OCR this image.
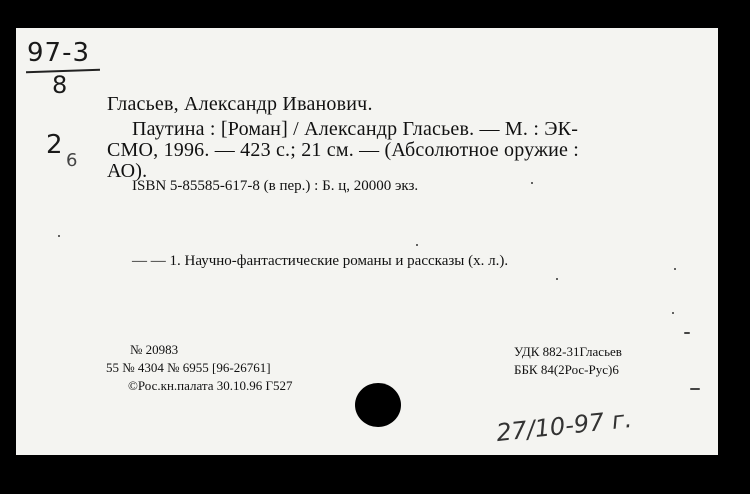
97-3
8
2
6
Гласьев, Александр Иванович.
Паутина : [Роман] / Александр Гласьев. — М. : ЭК-
СМО, 1996. — 423 с.; 21 см. — (Абсолютное оружие :
АО).
ISBN 5-85585-617-8 (в пер.) : Б. ц, 20000 экз.
— — 1. Научно-фантастические романы и рассказы (х. л.).
№ 20983
55 № 4304 № 6955 [96-26761]
©Рос.кн.палата 30.10.96 Г527
УДК 882-31Гласьев
ББК 84(2Рос-Рус)6
27/10-97 г.
